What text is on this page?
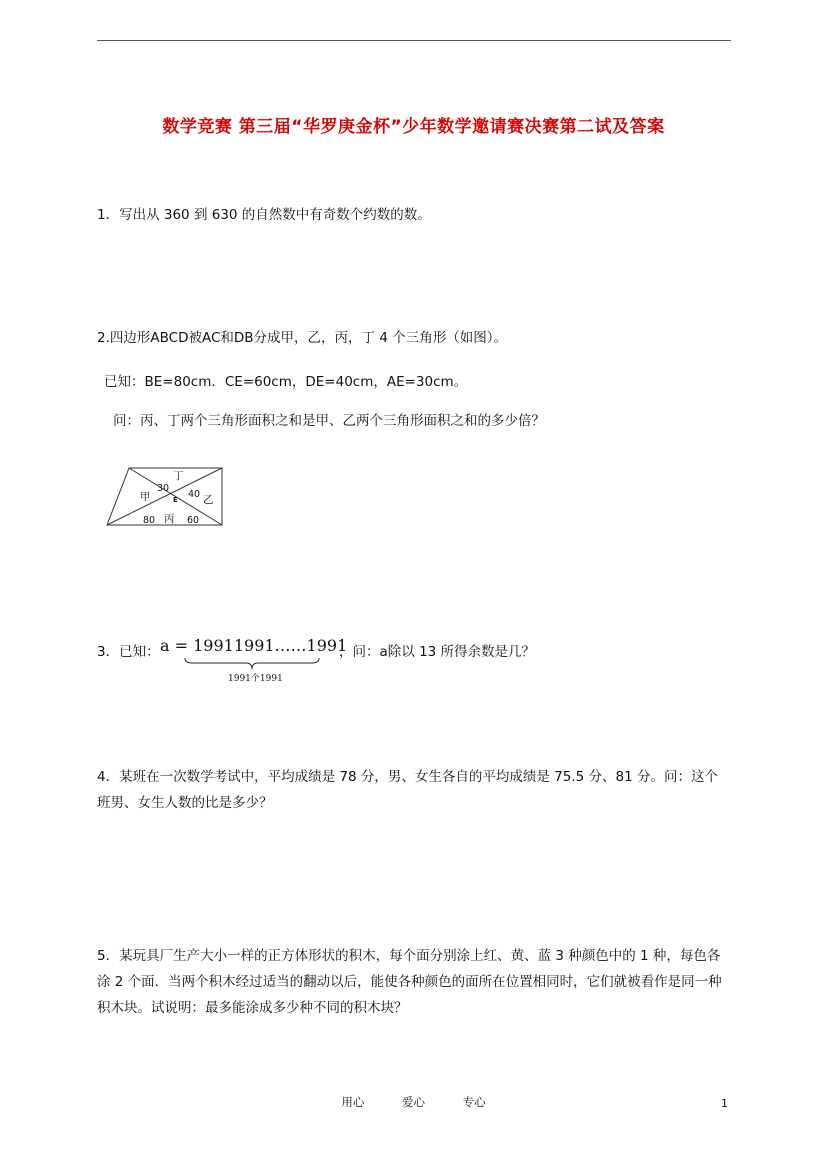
数学竞赛 第三届“华罗庚金杯”少年数学邀请赛决赛第二试及答案

1．写出从 360 到 630 的自然数中有奇数个约数的数。

2.四边形ABCD被AC和DB分成甲，乙，丙，丁 4 个三角形（如图）。

已知：BE=80cm．CE=60cm，DE=40cm，AE=30cm。

问：丙、丁两个三角形面积之和是甲、乙两个三角形面积之和的多少倍？

丁
甲	乙
丙
30
40
80	60
E
3．已知： a = 19911991……1991
1991个1991
，问：a除以 13 所得余数是几？

4．某班在一次数学考试中，平均成绩是 78 分，男、女生各自的平均成绩是 75.5 分、81 分。问：这个班男、女生人数的比是多少？

5．某玩具厂生产大小一样的正方体形状的积木，每个面分别涂上红、黄、蓝 3 种颜色中的 1 种，每色各涂 2 个面．当两个积木经过适当的翻动以后，能使各种颜色的面所在位置相同时，它们就被看作是同一种积木块。试说明：最多能涂成多少种不同的积木块？

用心	爱心	专心	1
